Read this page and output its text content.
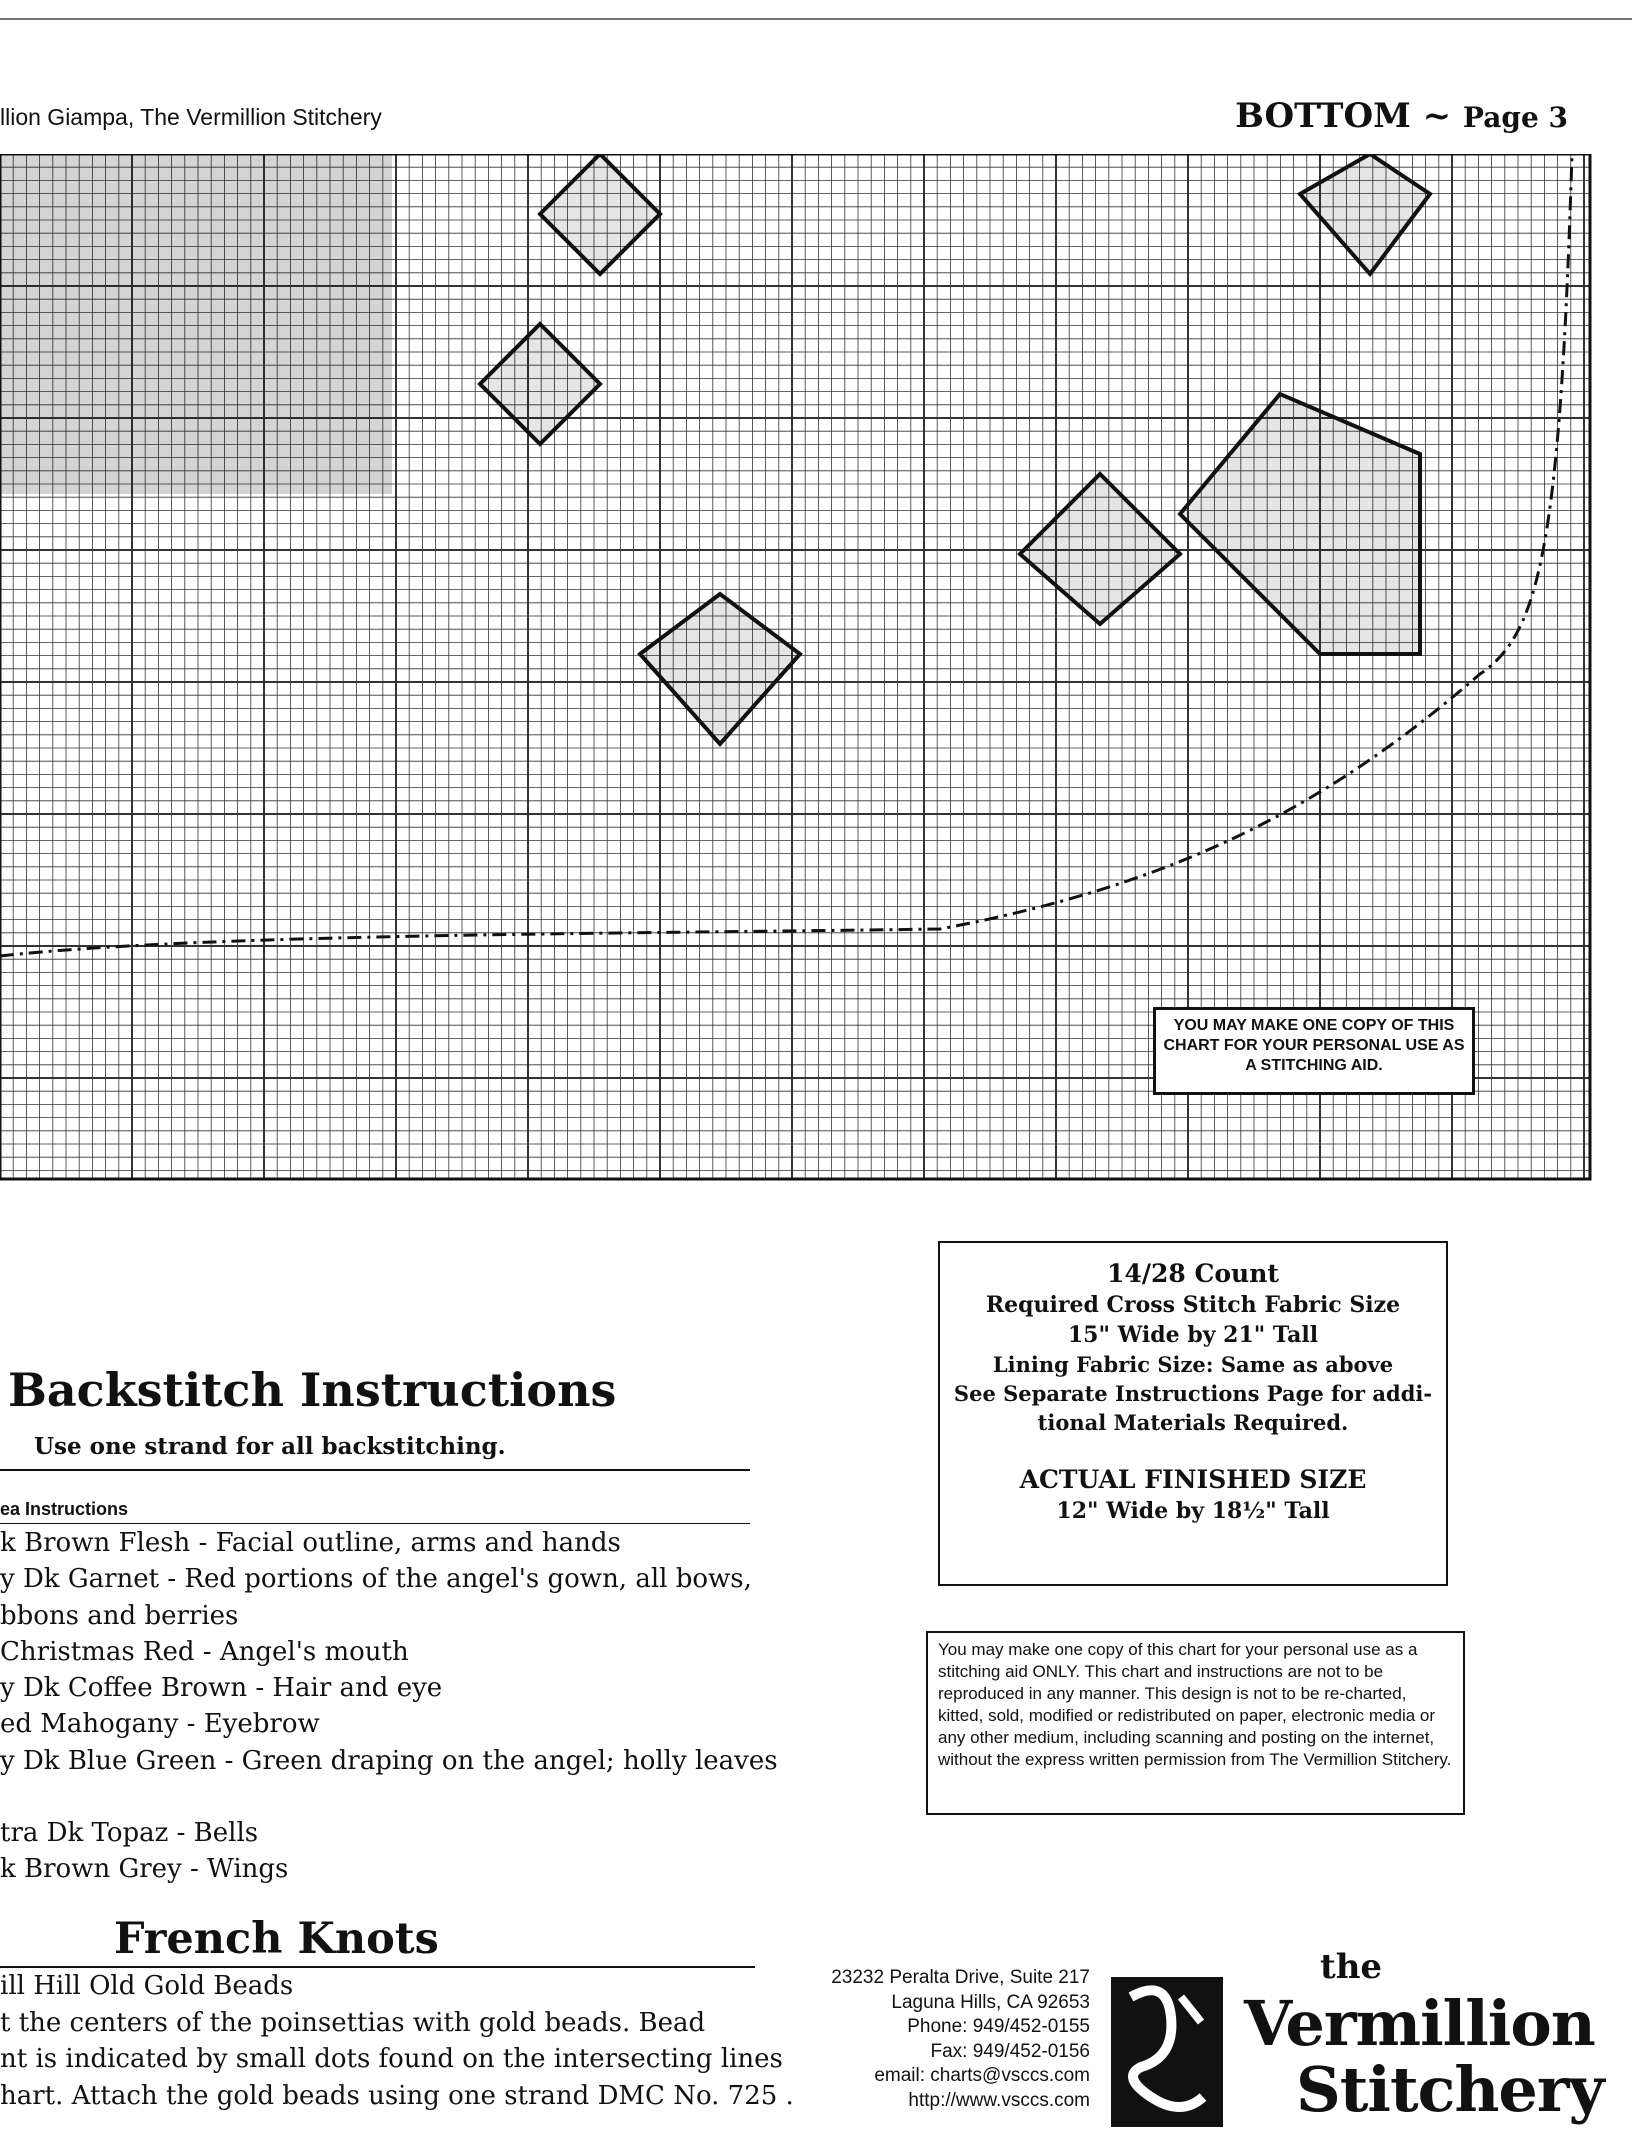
llion Giampa, The Vermillion Stitchery	BOTTOM ~ Page 3
YOU MAY MAKE ONE COPY OF THIS CHART FOR YOUR PERSONAL USE AS A STITCHING AID.
14/28 Count
Required Cross Stitch Fabric Size
15" Wide by 21" Tall
Lining Fabric Size: Same as above
See Separate Instructions Page for addi-
tional Materials Required.
ACTUAL FINISHED SIZE
12" Wide by 18½" Tall
You may make one copy of this chart for your personal use as a stitching aid ONLY. This chart and instructions are not to be reproduced in any manner. This design is not to be re-charted, kitted, sold, modified or redistributed on paper, electronic media or any other medium, including scanning and posting on the internet, without the express written permission from The Vermillion Stitchery.
Backstitch Instructions
Use one strand for all backstitching.
ea Instructions
k Brown Flesh - Facial outline, arms and hands
y Dk Garnet - Red portions of the angel's gown, all bows,
bbons and berries
Christmas Red - Angel's mouth
y Dk Coffee Brown - Hair and eye
ed Mahogany - Eyebrow
y Dk Blue Green - Green draping on the angel; holly leaves
tra Dk Topaz - Bells
k Brown Grey - Wings
French Knots
ill Hill Old Gold Beads
t the centers of the poinsettias with gold beads. Bead
nt is indicated by small dots found on the intersecting lines
hart. Attach the gold beads using one strand DMC No. 725 .
23232 Peralta Drive, Suite 217
Laguna Hills, CA 92653
Phone: 949/452-0155
Fax: 949/452-0156
email: charts@vsccs.com
http://www.vsccs.com
the
Vermillion
Stitchery
